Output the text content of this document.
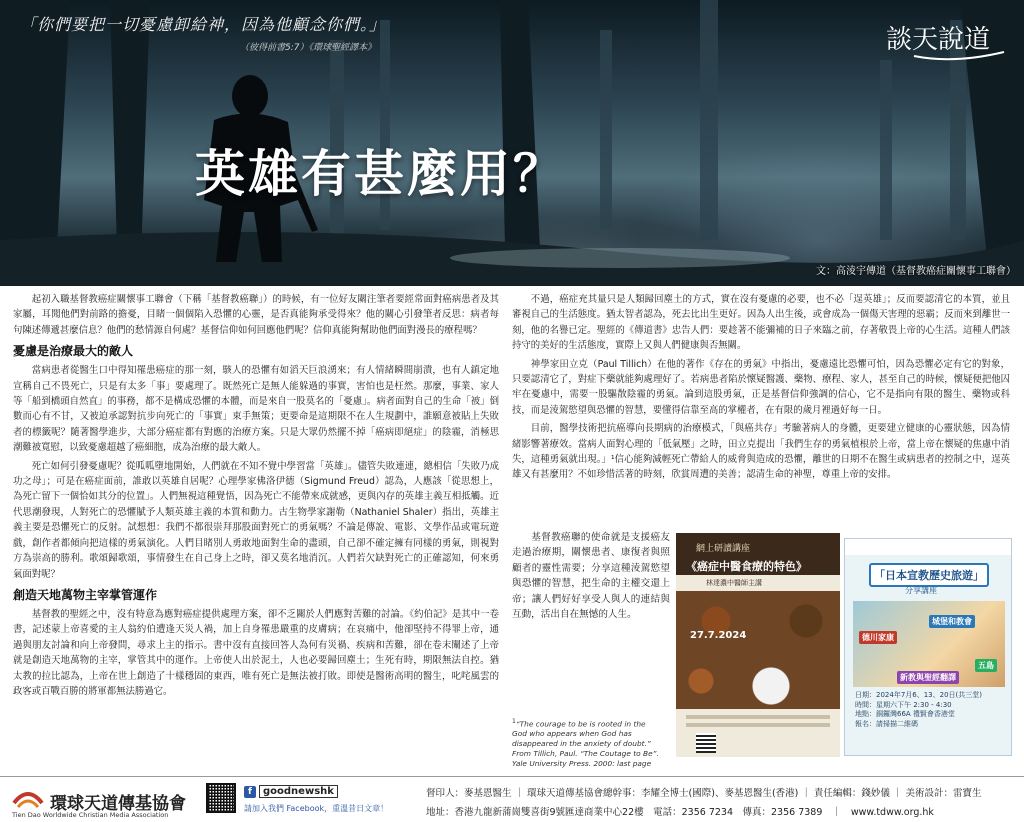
「你們要把一切憂慮卸給神，因為他顧念你們。」
（彼得前書5:7）《環球聖經譯本》	談天說道
英雄有甚麼用？
文：高淩宇傳道（基督教癌症關懷事工聯會）

起初入職基督教癌症關懷事工聯會（下稱「基督教癌聯」）的時候，有一位好友關注筆者要經常面對癌病患者及其家屬，耳聞他們對前路的擔憂，目睹一個個陷入恐懼的心靈，是否真能夠承受得來？他的關心引發筆者反思：病者每句陳述傳遞甚麼信息？他們的愁情源自何處？基督信仰如何回應他們呢？信仰真能夠幫助他們面對漫長的療程嗎？

憂慮是治療最大的敵人

當病患者從醫生口中得知罹患癌症的那一刻，駭人的恐懼有如滔天巨浪湧來；有人情緒瞬間崩潰，也有人鎮定地宣稱自己不畏死亡，只是有太多「事」要處理了。既然死亡是無人能躲過的事實，害怕也是枉然。那麼，事業、家人等「船到橋頭自然直」的事務，都不是構成恐懼的本體，而是來自一股莫名的「憂慮」。病者面對自己的生命「被」倒數而心有不甘，又被迫承認對抗步向死亡的「事實」束手無策；更要命是這期限不在人生規劃中，誰願意被貼上失敗者的標籤呢？隨著醫學進步，大部分癌症都有對應的治療方案。只是大眾仍然擺不掉「癌病即絕症」的陰霾，消極思潮難被寬慰，以致憂慮超越了癌細胞，成為治療的最大敵人。

死亡如何引發憂慮呢？從呱呱墮地開始，人們就在不知不覺中學習當「英雄」。儘管失敗連連，總相信「失敗乃成功之母」；可是在癌症面前，誰敢以英雄自居呢？心理學家佛洛伊德（Sigmund Freud）認為，人應該「從思想上，為死亡留下一個恰如其分的位置」。人們無視這種覺悟，因為死亡不能帶來成就感，更與內存的英雄主義互相抵觸。近代思潮發現，人對死亡的恐懼賦予人類英雄主義的本質和動力。古生物學家謝勒（Nathaniel Shaler）指出，英雄主義主要是恐懼死亡的反射。試想想：我們不都很崇拜那股面對死亡的勇氣嗎？不論是傳說、電影、文學作品或電玩遊戲，創作者都傾向把這樣的勇氣演化。人們目睹別人勇敢地面對生命的盡頭，自己卻不確定擁有同樣的勇氣，則視對方為崇高的勝利。歌頌歸歌頌，事情發生在自己身上之時，卻又莫名地消沉。人們若欠缺對死亡的正確認知，何來勇氣面對呢？

創造天地萬物主宰掌管運作

基督教的聖經之中，沒有特意為應對癌症提供處理方案，卻不乏關於人們應對苦難的討論。《約伯記》是其中一卷書，記述蒙上帝喜愛的主人翁約伯遭逢天災人禍，加上自身罹患嚴重的皮膚病；在哀痛中，他卻堅持不得罪上帝，通過與朋友討論和向上帝發問，尋求上主的指示。書中沒有直接回答人為何有災禍、疾病和苦難，卻在卷末闡述了上帝就是創造天地萬物的主宰，掌管其中的運作。上帝使人出於泥土，人也必要歸回塵土；生死有時，期限無法自控。猶太教的拉比認為，上帝在世上創造了十樣穩固的東西，唯有死亡是無法被打敗。即使是醫術高明的醫生，叱咤風雲的政客或百戰百勝的將軍都無法勝過它。

不過，癌症充其量只是人類歸回塵土的方式，實在沒有憂慮的必要，也不必「逞英雄」；反而要認清它的本質，並且審視自己的生活態度。猶太智者認為，死去比出生更好。因為人出生後，或會成為一個傷天害理的惡霸；反而來到離世一刻，他的名譽已定。聖經的《傳道書》忠告人們：要趁著不能彌補的日子來臨之前，存著敬畏上帝的心生活。這種人們該持守的美好的生活態度，實際上又與人們健康與否無關。

神學家田立克（Paul Tillich）在他的著作《存在的勇氣》中指出，憂慮遠比恐懼可怕，因為恐懼必定有它的對象，只要認清它了，對症下藥就能夠處理好了。若病患者陷於懷疑醫護、藥物、療程、家人，甚至自己的時候，懷疑便把他囚牢在憂慮中，需要一股驅散陰霾的勇氣。論到這股勇氣，正是基督信仰強調的信心，它不是指向有限的醫生、藥物或科技，而是淩駕慾望與恐懼的智慧，要懂得信靠至高的掌權者，在有限的歲月裡過好每一日。

目前，醫學技術把抗癌導向長期病的治療模式，「與癌共存」考驗著病人的身體，更要建立健康的心靈狀態，因為情緒影響著療效。當病人面對心理的「低氣壓」之時，田立克提出「我們生存的勇氣植根於上帝，當上帝在懷疑的焦慮中消失，這種勇氣就出現。」¹信心能夠減輕死亡帶給人的威脅與造成的恐懼，離世的日期不在醫生或病患者的控制之中，逞英雄又有甚麼用？不如珍惜活著的時刻，欣賞周遭的美善；認清生命的神聖，尊重上帝的安排。

基督教癌聯的使命就是支援癌友走過治療期，關懷患者、康復者與照顧者的靈性需要；分享這種淩駕慾望與恐懼的智慧，把生命的主權交還上帝；讓人們好好享受人與人的連結與互動，活出自在無憾的人生。
$^1$“The courage to be is rooted in the God who appears when God has disappeared in the anxiety of doubt.” From Tillich, Paul. “The Coutage to Be”. Yale University Press. 2000: last page
網上研讀講座
《癌症中醫食療的特色》
林達濃中醫師主講
27.7.2024
「日本宣教歷史旅遊」
分享講座
德川家康
城堡和教會
新教與聖經翻譯
五島
日期：2024年7月6、13、20日(共三堂)
時間：星期六下午 2:30 - 4:30
地點：銅鑼灣66A 禮賢會香港堂
報名：請掃描二維碼
環球天道傳基協會
Tien Dao Worldwide Christian Media Association
f	goodnewshk
請加入我們 Facebook，重溫昔日文章！
督印人：麥基恩醫生 ｜ 環球天道傳基協會總幹事：李耀全博士(國際)、麥基恩醫生(香港) ｜ 責任編輯：錢妙儀 ｜ 美術設計：雷寶生
地址：香港九龍新蒲崗雙喜街9號匯達商業中心22樓　電話：2356 7234　傳真：2356 7389　｜　www.tdww.org.hk
